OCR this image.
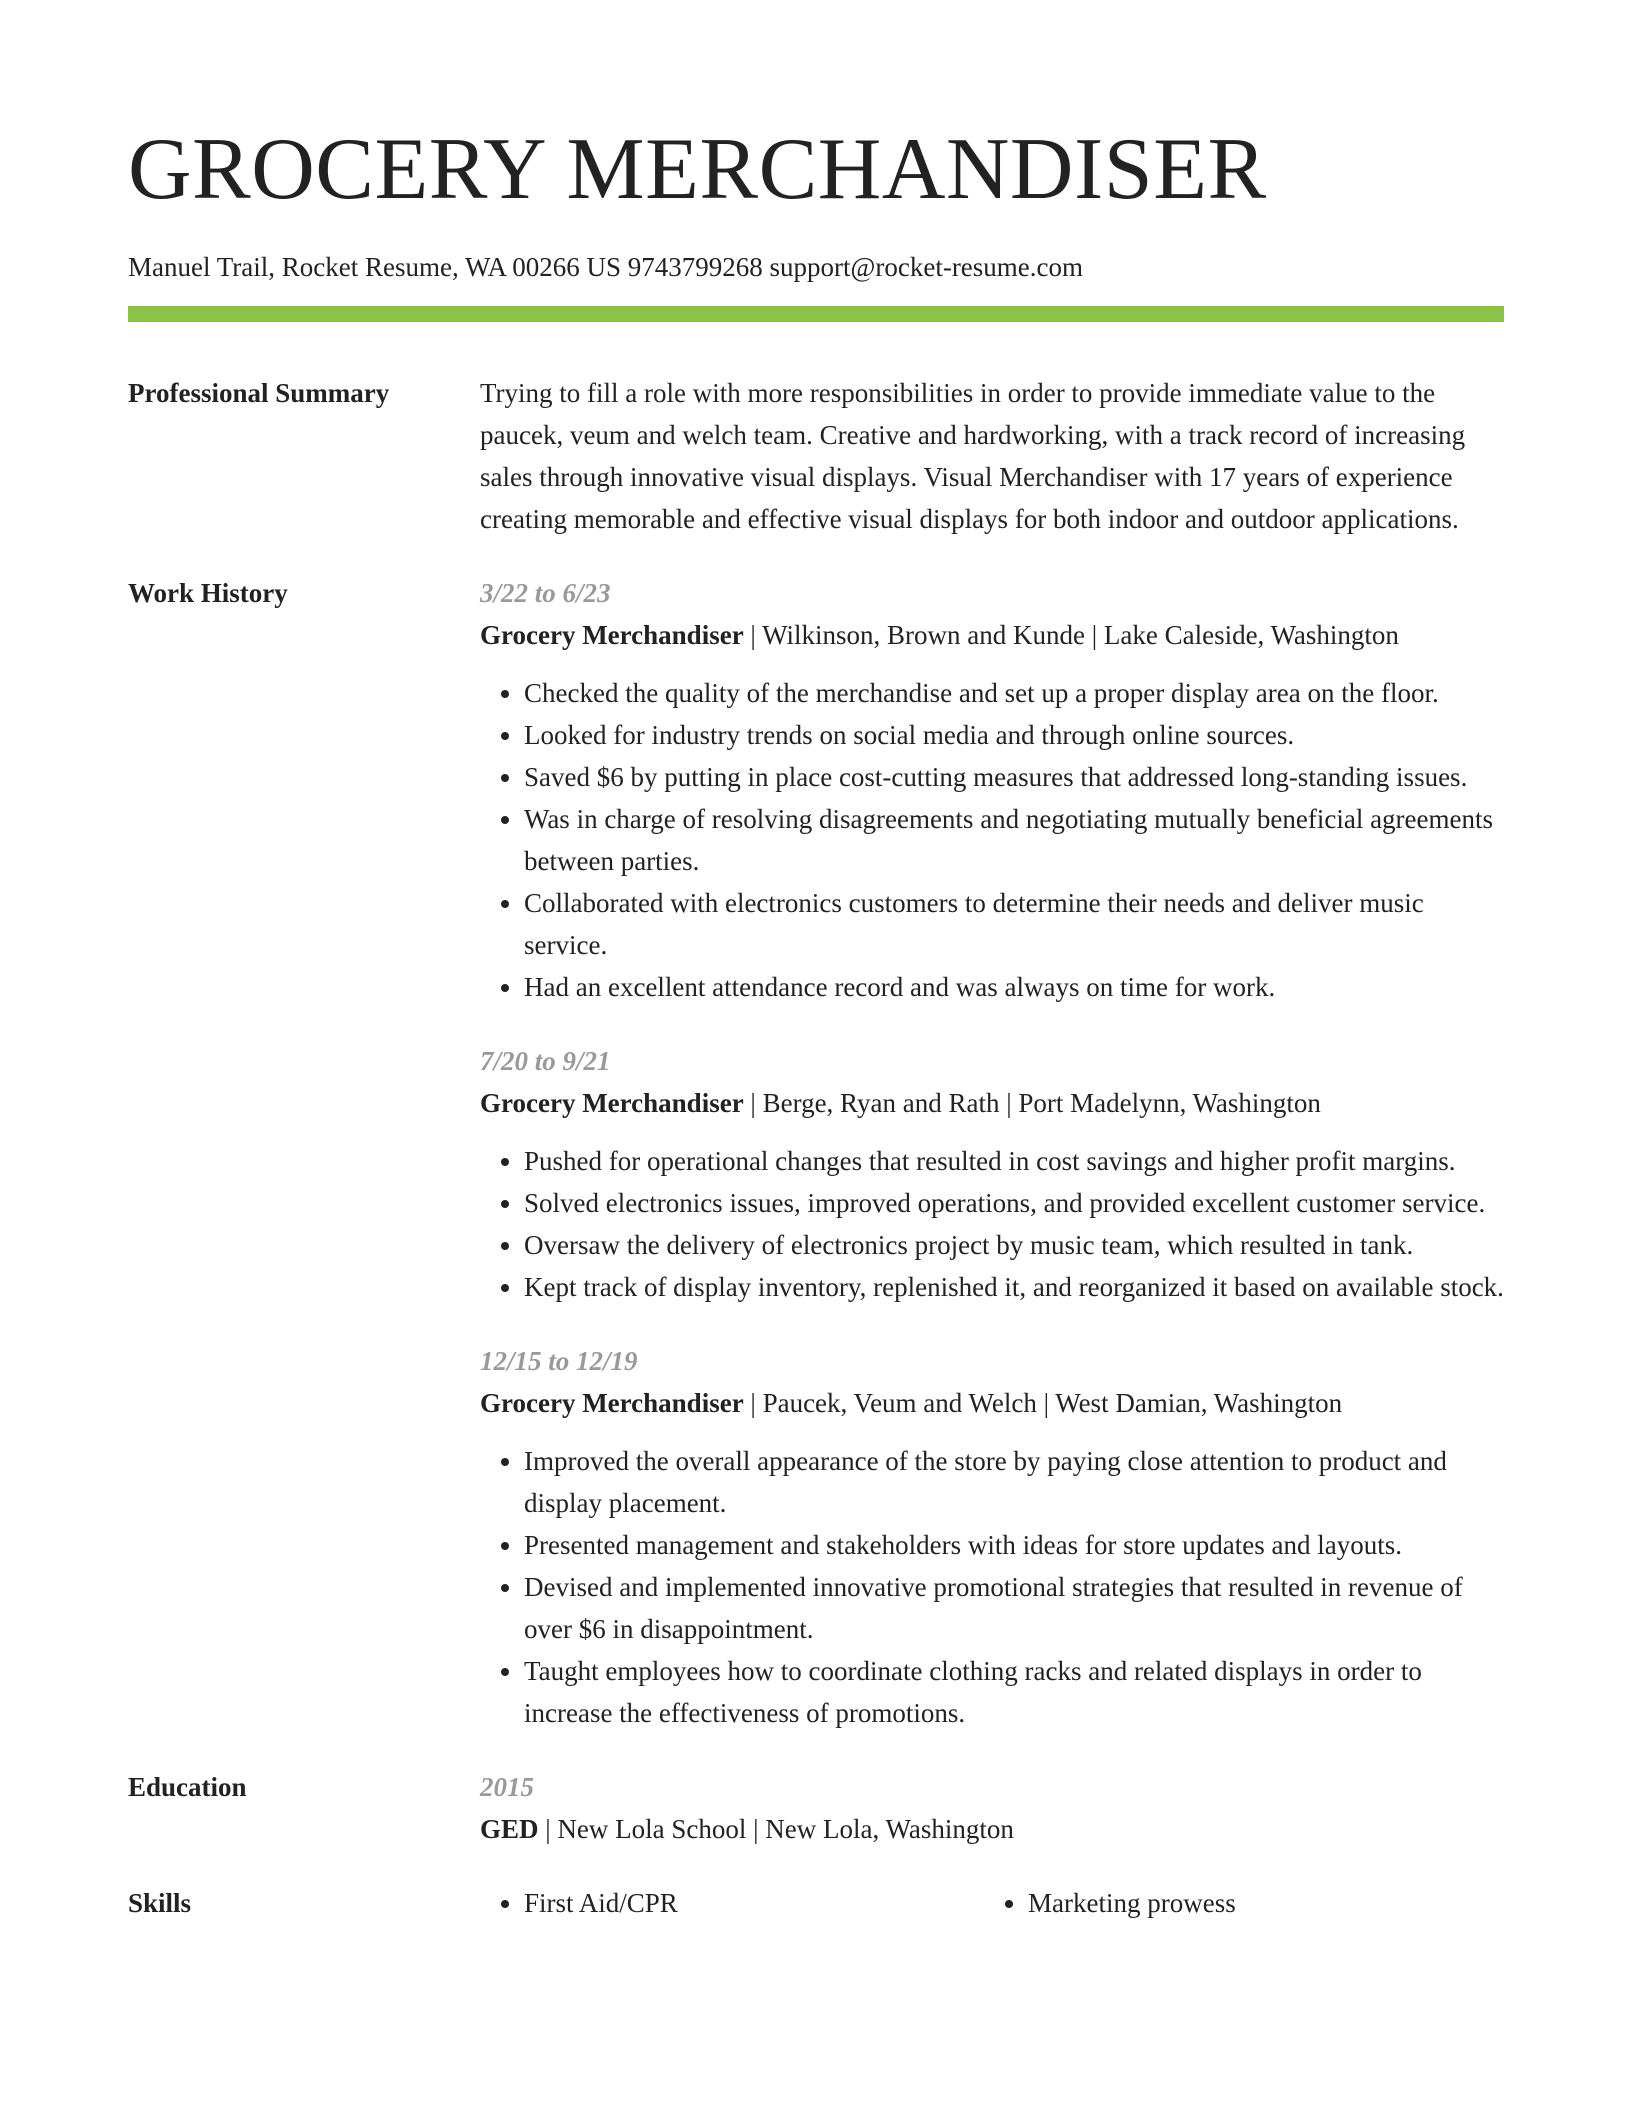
GROCERY MERCHANDISER
Manuel Trail, Rocket Resume, WA 00266 US 9743799268 support@rocket-resume.com
Professional Summary	Trying to fill a role with more responsibilities in order to provide immediate value to the paucek, veum and welch team. Creative and hardworking, with a track record of increasing sales through innovative visual displays. Visual Merchandiser with 17 years of experience creating memorable and effective visual displays for both indoor and outdoor applications.
Work History	3/22 to 6/23
Grocery Merchandiser | Wilkinson, Brown and Kunde | Lake Caleside, Washington
• Checked the quality of the merchandise and set up a proper display area on the floor.
• Looked for industry trends on social media and through online sources.
• Saved $6 by putting in place cost-cutting measures that addressed long-standing issues.
• Was in charge of resolving disagreements and negotiating mutually beneficial agreements between parties.
• Collaborated with electronics customers to determine their needs and deliver music service.
• Had an excellent attendance record and was always on time for work.
7/20 to 9/21
Grocery Merchandiser | Berge, Ryan and Rath | Port Madelynn, Washington
• Pushed for operational changes that resulted in cost savings and higher profit margins.
• Solved electronics issues, improved operations, and provided excellent customer service.
• Oversaw the delivery of electronics project by music team, which resulted in tank.
• Kept track of display inventory, replenished it, and reorganized it based on available stock.
12/15 to 12/19
Grocery Merchandiser | Paucek, Veum and Welch | West Damian, Washington
• Improved the overall appearance of the store by paying close attention to product and display placement.
• Presented management and stakeholders with ideas for store updates and layouts.
• Devised and implemented innovative promotional strategies that resulted in revenue of over $6 in disappointment.
• Taught employees how to coordinate clothing racks and related displays in order to increase the effectiveness of promotions.
Education	2015
GED | New Lola School | New Lola, Washington
Skills	• First Aid/CPR	• Marketing prowess
